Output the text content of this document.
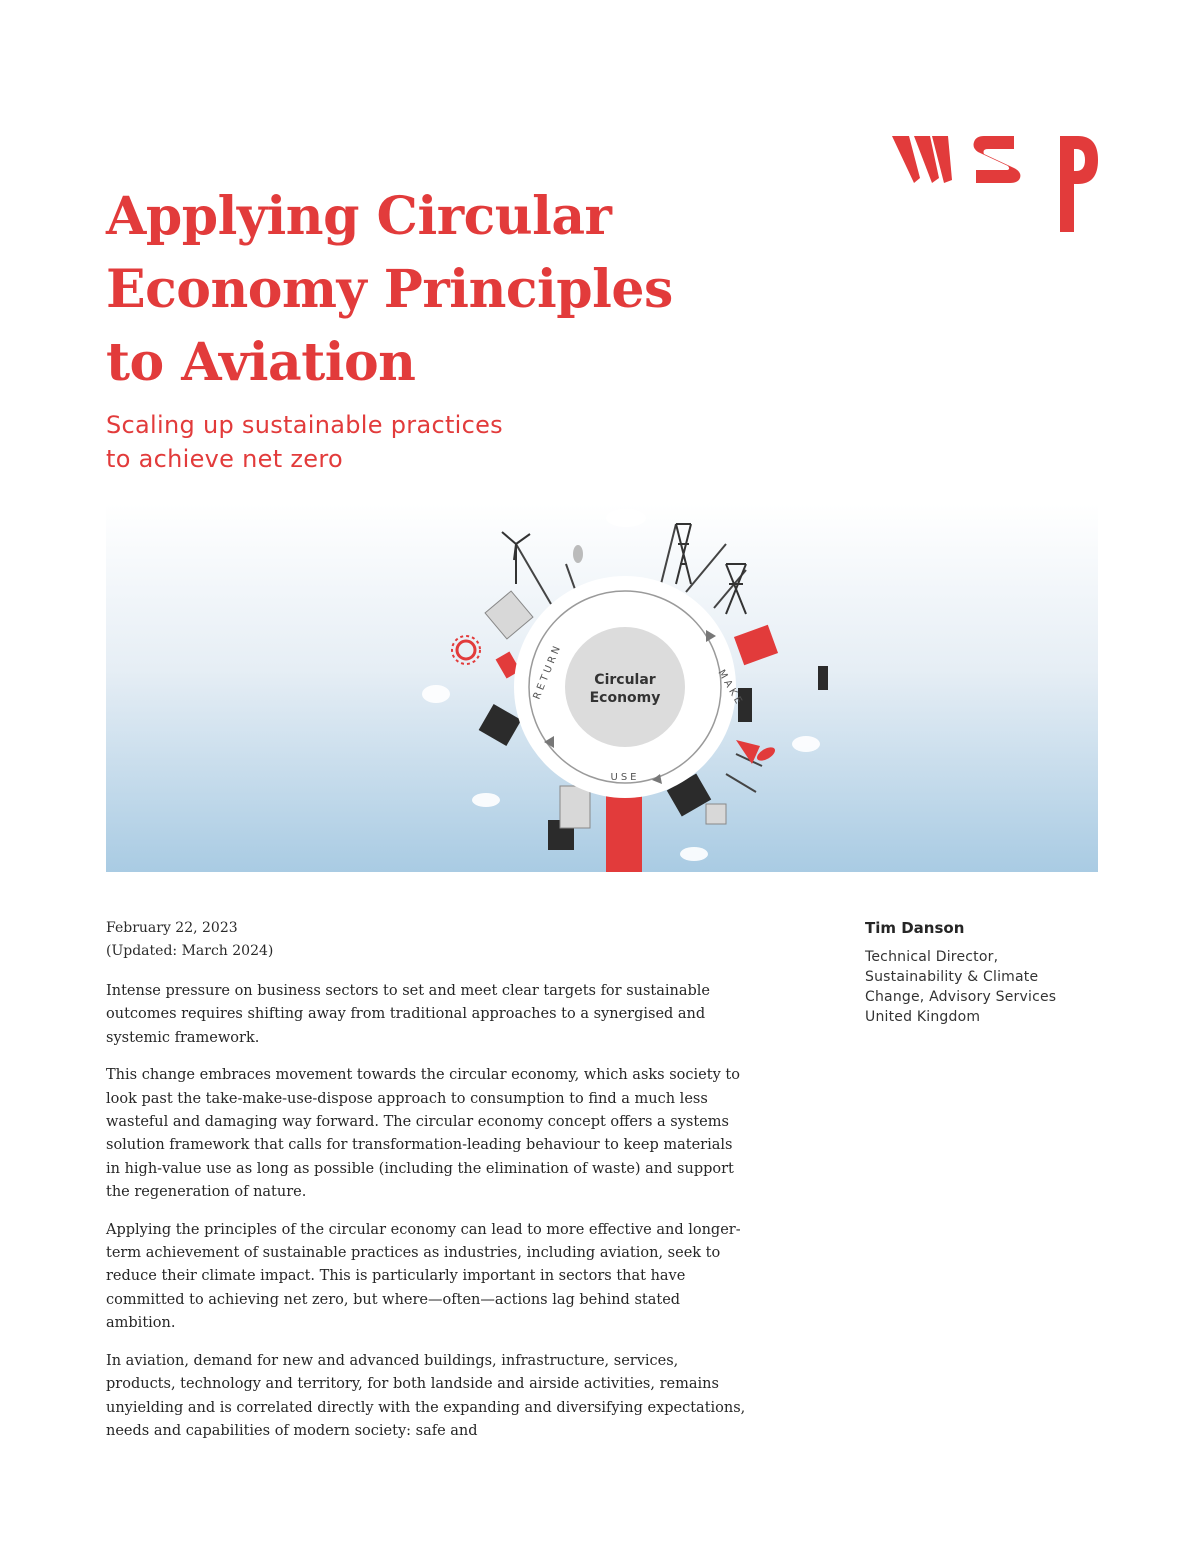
wsp
Applying Circular
Economy Principles
to Aviation
Scaling up sustainable practices
to achieve net zero
Circular
Economy	MAKE
USE
RETURN
February 22, 2023
(Updated: March 2024)

Intense pressure on business sectors to set and meet clear targets for sustainable outcomes requires shifting away from traditional approaches to a synergised and systemic framework.

This change embraces movement towards the circular economy, which asks society to look past the take-make-use-dispose approach to consumption to find a much less wasteful and damaging way forward. The circular economy concept offers a systems solution framework that calls for transformation-leading behaviour to keep materials in high-value use as long as possible (including the elimination of waste) and support the regeneration of nature.

Applying the principles of the circular economy can lead to more effective and longer-term achievement of sustainable practices as industries, including aviation, seek to reduce their climate impact. This is particularly important in sectors that have committed to achieving net zero, but where—often—actions lag behind stated ambition.

In aviation, demand for new and advanced buildings, infrastructure, services, products, technology and territory, for both landside and airside activities, remains unyielding and is correlated directly with the expanding and diversifying expectations, needs and capabilities of modern society: safe and

Tim Danson
Technical Director,
Sustainability & Climate
Change, Advisory Services
United Kingdom
